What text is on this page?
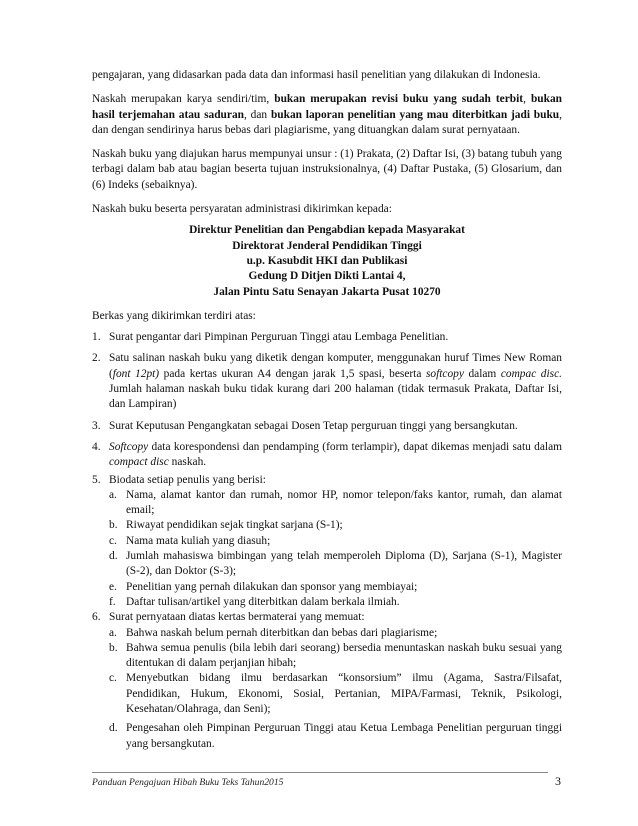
pengajaran, yang didasarkan pada data dan informasi hasil penelitian yang dilakukan di Indonesia.

Naskah merupakan karya sendiri/tim, bukan merupakan revisi buku yang sudah terbit, bukan hasil terjemahan atau saduran, dan bukan laporan penelitian yang mau diterbitkan jadi buku, dan dengan sendirinya harus bebas dari plagiarisme, yang dituangkan dalam surat pernyataan.

Naskah buku yang diajukan harus mempunyai unsur : (1) Prakata, (2) Daftar Isi, (3) batang tubuh yang terbagi dalam bab atau bagian beserta tujuan instruksionalnya, (4) Daftar Pustaka, (5) Glosarium, dan (6) Indeks (sebaiknya).

Naskah buku beserta persyaratan administrasi dikirimkan kepada:

Direktur Penelitian dan Pengabdian kepada Masyarakat
Direktorat Jenderal Pendidikan Tinggi
u.p. Kasubdit HKI dan Publikasi
Gedung D Ditjen Dikti Lantai 4,
Jalan Pintu Satu Senayan Jakarta Pusat 10270

Berkas yang dikirimkan terdiri atas:

1. Surat pengantar dari Pimpinan Perguruan Tinggi atau Lembaga Penelitian.
2. Satu salinan naskah buku yang diketik dengan komputer, menggunakan huruf Times New Roman (font 12pt) pada kertas ukuran A4 dengan jarak 1,5 spasi, beserta softcopy dalam compac disc. Jumlah halaman naskah buku tidak kurang dari 200 halaman (tidak termasuk Prakata, Daftar Isi, dan Lampiran)
3. Surat Keputusan Pengangkatan sebagai Dosen Tetap perguruan tinggi yang bersangkutan.
4. Softcopy data korespondensi dan pendamping (form terlampir), dapat dikemas menjadi satu dalam compact disc naskah.
5. Biodata setiap penulis yang berisi:
a. Nama, alamat kantor dan rumah, nomor HP, nomor telepon/faks kantor, rumah, dan alamat email;
b. Riwayat pendidikan sejak tingkat sarjana (S-1);
c. Nama mata kuliah yang diasuh;
d. Jumlah mahasiswa bimbingan yang telah memperoleh Diploma (D), Sarjana (S-1), Magister (S-2), dan Doktor (S-3);
e. Penelitian yang pernah dilakukan dan sponsor yang membiayai;
f. Daftar tulisan/artikel yang diterbitkan dalam berkala ilmiah.
6. Surat pernyataan diatas kertas bermaterai yang memuat:
a. Bahwa naskah belum pernah diterbitkan dan bebas dari plagiarisme;
b. Bahwa semua penulis (bila lebih dari seorang) bersedia menuntaskan naskah buku sesuai yang ditentukan di dalam perjanjian hibah;
c. Menyebutkan bidang ilmu berdasarkan “konsorsium” ilmu (Agama, Sastra/Filsafat, Pendidikan, Hukum, Ekonomi, Sosial, Pertanian, MIPA/Farmasi, Teknik, Psikologi, Kesehatan/Olahraga, dan Seni);
d. Pengesahan oleh Pimpinan Perguruan Tinggi atau Ketua Lembaga Penelitian perguruan tinggi yang bersangkutan.
Panduan Pengajuan Hibah Buku Teks Tahun2015	3
